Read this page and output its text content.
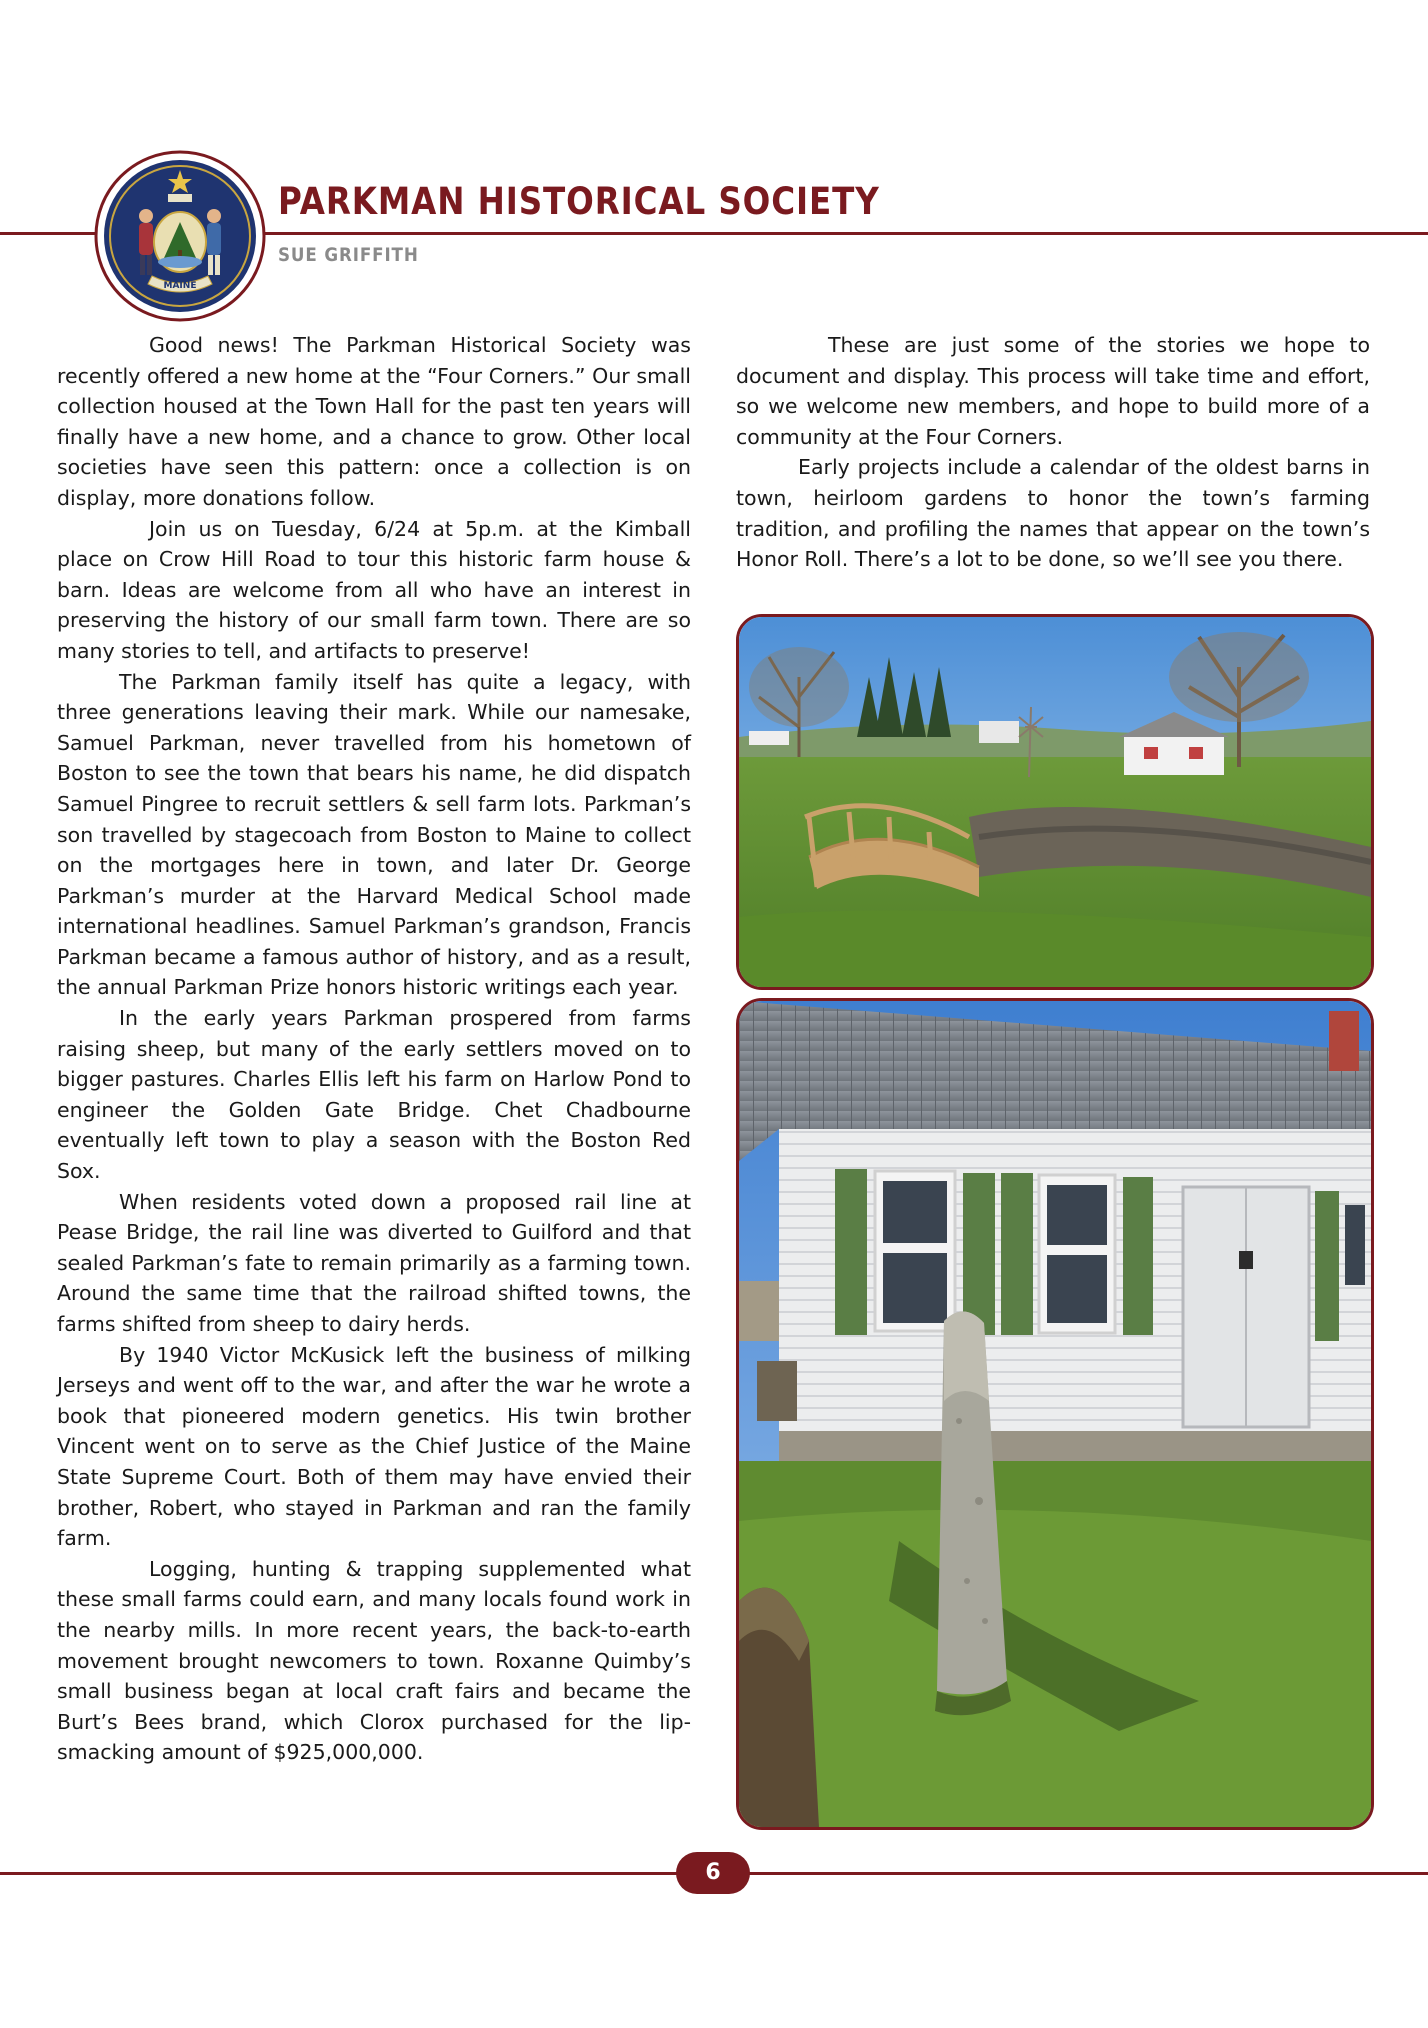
MAINE
PARKMAN HISTORICAL SOCIETY
SUE GRIFFITH

Good news! The Parkman Historical Society was recently offered a new home at the “Four Corners.” Our small collection housed at the Town Hall for the past ten years will finally have a new home, and a chance to grow. Other local societies have seen this pattern: once a collection is on display, more donations follow.

Join us on Tuesday, 6/24 at 5p.m. at the Kimball place on Crow Hill Road to tour this historic farm house & barn. Ideas are welcome from all who have an interest in preserving the history of our small farm town. There are so many stories to tell, and artifacts to preserve!

The Parkman family itself has quite a legacy, with three generations leaving their mark. While our namesake, Samuel Parkman, never travelled from his hometown of Boston to see the town that bears his name, he did dispatch Samuel Pingree to recruit settlers & sell farm lots. Parkman’s son travelled by stagecoach from Boston to Maine to collect on the mortgages here in town, and later Dr. George Parkman’s murder at the Harvard Medical School made international headlines. Samuel Parkman’s grandson, Francis Parkman became a famous author of history, and as a result, the annual Parkman Prize honors historic writings each year.

In the early years Parkman prospered from farms raising sheep, but many of the early settlers moved on to bigger pastures. Charles Ellis left his farm on Harlow Pond to engineer the Golden Gate Bridge. Chet Chadbourne eventually left town to play a season with the Boston Red Sox.

When residents voted down a proposed rail line at Pease Bridge, the rail line was diverted to Guilford and that sealed Parkman’s fate to remain primarily as a farming town. Around the same time that the railroad shifted towns, the farms shifted from sheep to dairy herds.

By 1940 Victor McKusick left the business of milking Jerseys and went off to the war, and after the war he wrote a book that pioneered modern genetics. His twin brother Vincent went on to serve as the Chief Justice of the Maine State Supreme Court. Both of them may have envied their brother, Robert, who stayed in Parkman and ran the family farm.

Logging, hunting & trapping supplemented what these small farms could earn, and many locals found work in the nearby mills. In more recent years, the back-to-earth movement brought newcomers to town. Roxanne Quimby’s small business began at local craft fairs and became the Burt’s Bees brand, which Clorox purchased for the lip-smacking amount of $925,000,000.

These are just some of the stories we hope to document and display. This process will take time and effort, so we welcome new members, and hope to build more of a community at the Four Corners.

Early projects include a calendar of the oldest barns in town, heirloom gardens to honor the town’s farming tradition, and profiling the names that appear on the town’s Honor Roll. There’s a lot to be done, so we’ll see you there.

6
